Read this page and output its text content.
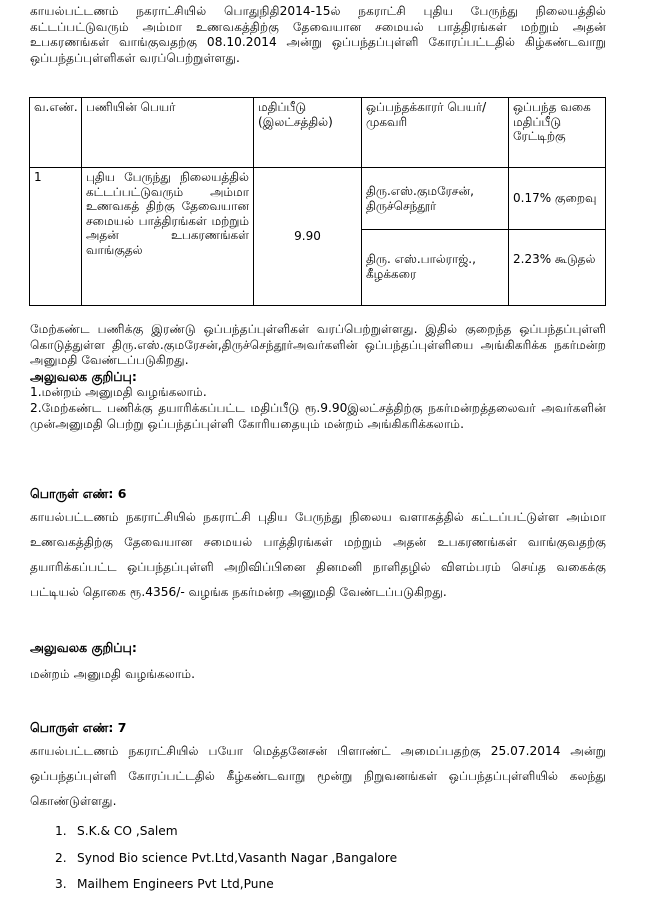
காயல்பட்டணம் நகராட்சியில் பொதுநிதி2014-15ல் நகராட்சி புதிய பேருந்து நிலையத்தில் கட்டப்பட்டுவரும் அம்மா உணவகத்திற்கு தேவையான சமையல் பாத்திரங்கள் மற்றும் அதன் உபகரணங்கள் வாங்குவதற்கு 08.10.2014 அன்று ஒப்பந்தப்புள்ளி கோரப்பட்டதில் கிழ்கண்டவாறு ஒப்பந்தப்புள்ளிகள் வரப்பெற்றுள்ளது.
வ.எண்.	பணியின் பெயர்	மதிப்பீடு (இலட்சத்தில்)	ஒப்பந்தக்காரர் பெயர்/முகவரி	ஒப்பந்த வகை மதிப்பீடு ரேட்டிற்கு
1	புதிய பேருந்து நிலையத்தில் கட்டப்பட்டுவரும் அம்மா உணவகத் திற்கு தேவையான சமையல் பாத்திரங்கள் மற்றும் அதன் உபகரணங்கள் வாங்குதல்	9.90	திரு.எஸ்.குமரேசன், திருச்செந்தூர்	0.17% குறைவு
			திரு. எஸ்.பால்ராஜ்., கீழக்கரை	2.23% கூடுதல்
மேற்கண்ட பணிக்கு இரண்டு ஒப்பந்தப்புள்ளிகள் வரப்பெற்றுள்ளது. இதில் குறைந்த ஒப்பந்தப்புள்ளி கொடுத்துள்ள திரு.எஸ்.குமரேசன்,திருச்செந்தூர்அவர்களின் ஒப்பந்தப்புள்ளியை அங்கிகரிக்க நகர்மன்ற அனுமதி வேண்டப்படுகிறது.
அலுவலக குறிப்பு:
1.மன்றம் அனுமதி வழங்கலாம்.
2.மேற்கண்ட பணிக்கு தயாரிக்கப்பட்ட மதிப்பீடு ரூ.9.90இலட்சத்திற்கு நகர்மன்றத்தலைவர் அவர்களின் முன்அனுமதி பெற்று ஒப்பந்தப்புள்ளி கோரியதையும் மன்றம் அங்கிகரிக்கலாம்.
பொருள் எண்: 6
காயல்பட்டணம் நகராட்சியில் நகராட்சி புதிய பேருந்து நிலைய வளாகத்தில் கட்டப்பட்டுள்ள அம்மா உணவகத்திற்கு தேவையான சமையல் பாத்திரங்கள் மற்றும் அதன் உபகரணங்கள் வாங்குவதற்கு தயாரிக்கப்பட்ட ஒப்பந்தப்புள்ளி அறிவிப்பினை தினமனி நாளிதழில் விளம்பரம் செய்த வகைக்கு பட்டியல் தொகை ரூ.4356/- வழங்க நகர்மன்ற அனுமதி வேண்டப்படுகிறது.
அலுவலக குறிப்பு:
மன்றம் அனுமதி வழங்கலாம்.
பொருள் எண்: 7
காயல்பட்டணம் நகராட்சியில் பயோ மெத்தனேசன் பிளாண்ட் அமைப்பதற்கு 25.07.2014 அன்று ஒப்பந்தப்புள்ளி கோரப்பட்டதில் கீழ்கண்டவாறு மூன்று நிறுவனங்கள் ஒப்பந்தப்புள்ளியில் கலந்து கொண்டுள்ளது.
1. S.K.& CO ,Salem
2. Synod Bio science Pvt.Ltd,Vasanth Nagar ,Bangalore
3. Mailhem Engineers Pvt Ltd,Pune
